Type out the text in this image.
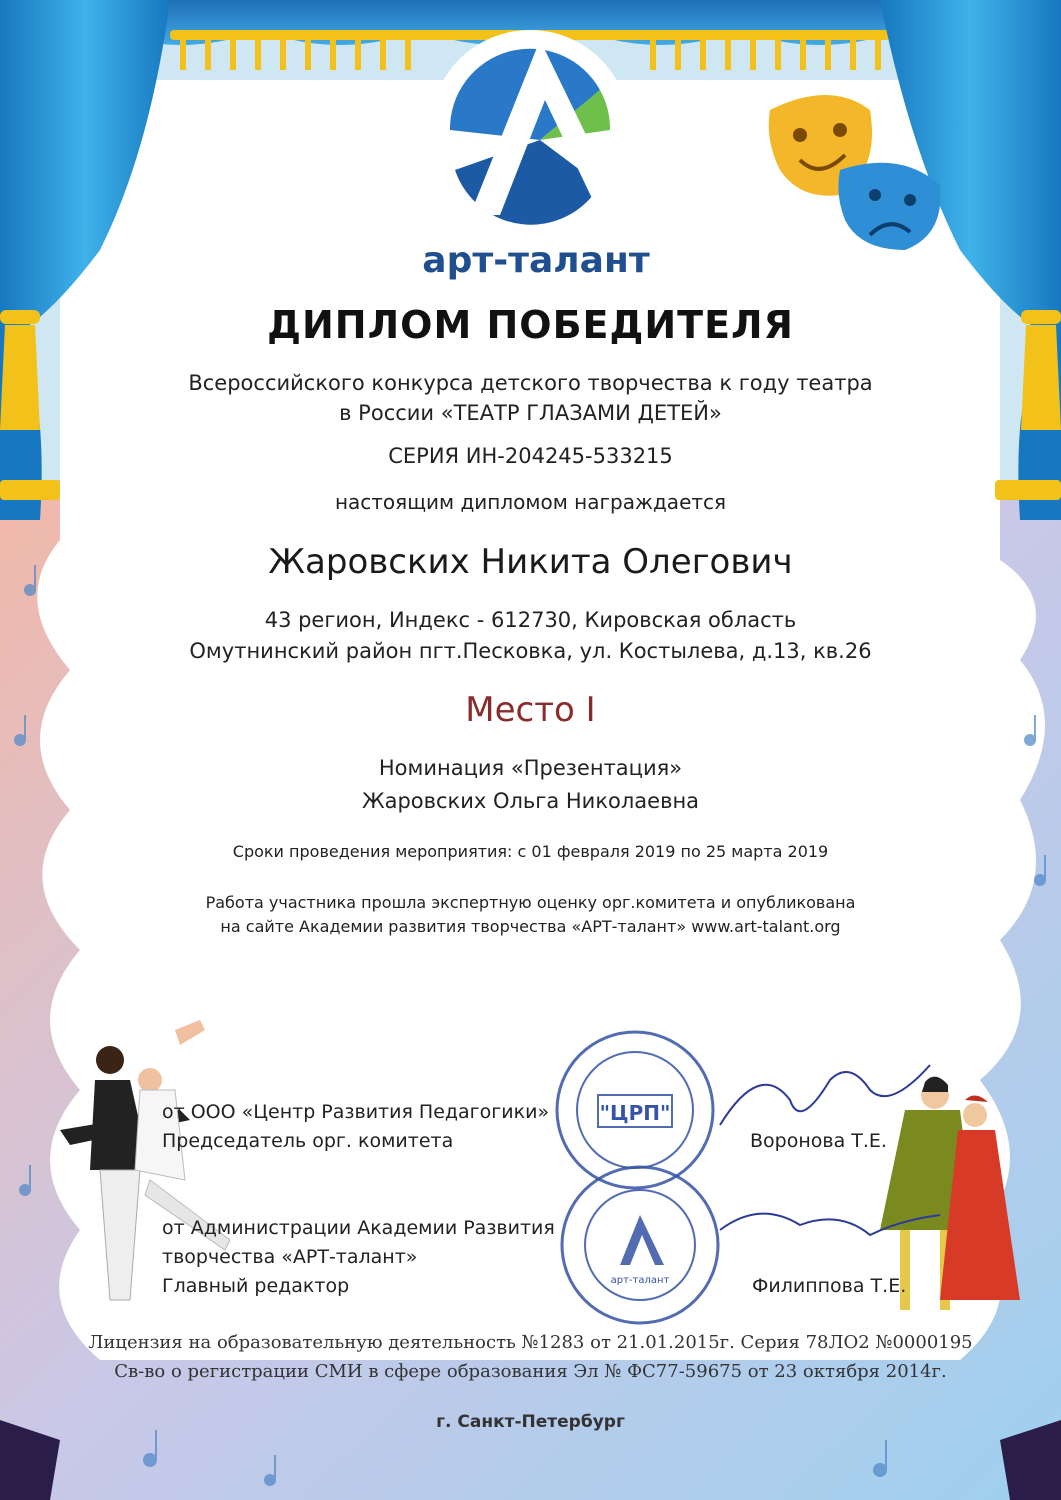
"ЦРП"
арт-талант
арт-талант
ДИПЛОМ ПОБЕДИТЕЛЯ
Всероссийского конкурса детского творчества к году театра
в России «ТЕАТР ГЛАЗАМИ ДЕТЕЙ»
СЕРИЯ ИН-204245-533215
настоящим дипломом награждается
Жаровских Никита Олегович
43 регион, Индекс - 612730, Кировская область
Омутнинский район пгт.Песковка, ул. Костылева, д.13, кв.26
Место I
Номинация «Презентация»
Жаровских Ольга Николаевна
Сроки проведения мероприятия: с 01 февраля 2019 по 25 марта 2019
Работа участника прошла экспертную оценку орг.комитета и опубликована
на сайте Академии развития творчества «АРТ-талант» www.art-talant.org
от ООО «Центр Развития Педагогики»
Председатель орг. комитета	Воронова Т.Е.
от Администрации Академии Развития
творчества «АРТ-талант»
Главный редактор	Филиппова Т.Е.
Лицензия на образовательную деятельность №1283 от 21.01.2015г. Серия 78ЛО2 №0000195
Св-во о регистрации СМИ в сфере образования Эл № ФС77-59675 от 23 октября 2014г.
г. Санкт-Петербург
